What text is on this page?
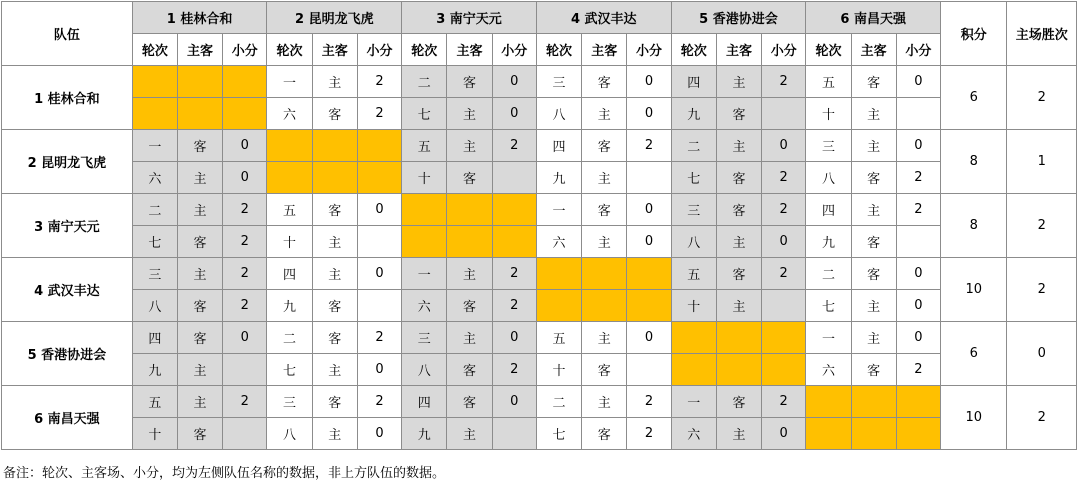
队伍	1 桂林合和			2 昆明龙飞虎			3 南宁天元			4 武汉丰达			5 香港协进会			6 南昌天强			积分	主场胜次
	轮次	主客	小分	轮次	主客	小分	轮次	主客	小分	轮次	主客	小分	轮次	主客	小分	轮次	主客	小分		
1 桂林合和				一	主	2	二	客	0	三	客	0	四	主	2	五	客	0	6	2
				六	客	2	七	主	0	八	主	0	九	客		十	主			
2 昆明龙飞虎	一	客	0				五	主	2	四	客	2	二	主	0	三	主	0	8	1
	六	主	0				十	客		九	主		七	客	2	八	客	2		
3 南宁天元	二	主	2	五	客	0				一	客	0	三	客	2	四	主	2	8	2
	七	客	2	十	主					六	主	0	八	主	0	九	客			
4 武汉丰达	三	主	2	四	主	0	一	主	2				五	客	2	二	客	0	10	2
	八	客	2	九	客		六	客	2				十	主		七	主	0		
5 香港协进会	四	客	0	二	客	2	三	主	0	五	主	0				一	主	0	6	0
	九	主		七	主	0	八	客	2	十	客					六	客	2		
6 南昌天强	五	主	2	三	客	2	四	客	0	二	主	2	一	客	2				10	2
	十	客		八	主	0	九	主		七	客	2	六	主	0					
备注：轮次、主客场、小分，均为左侧队伍名称的数据，非上方队伍的数据。
